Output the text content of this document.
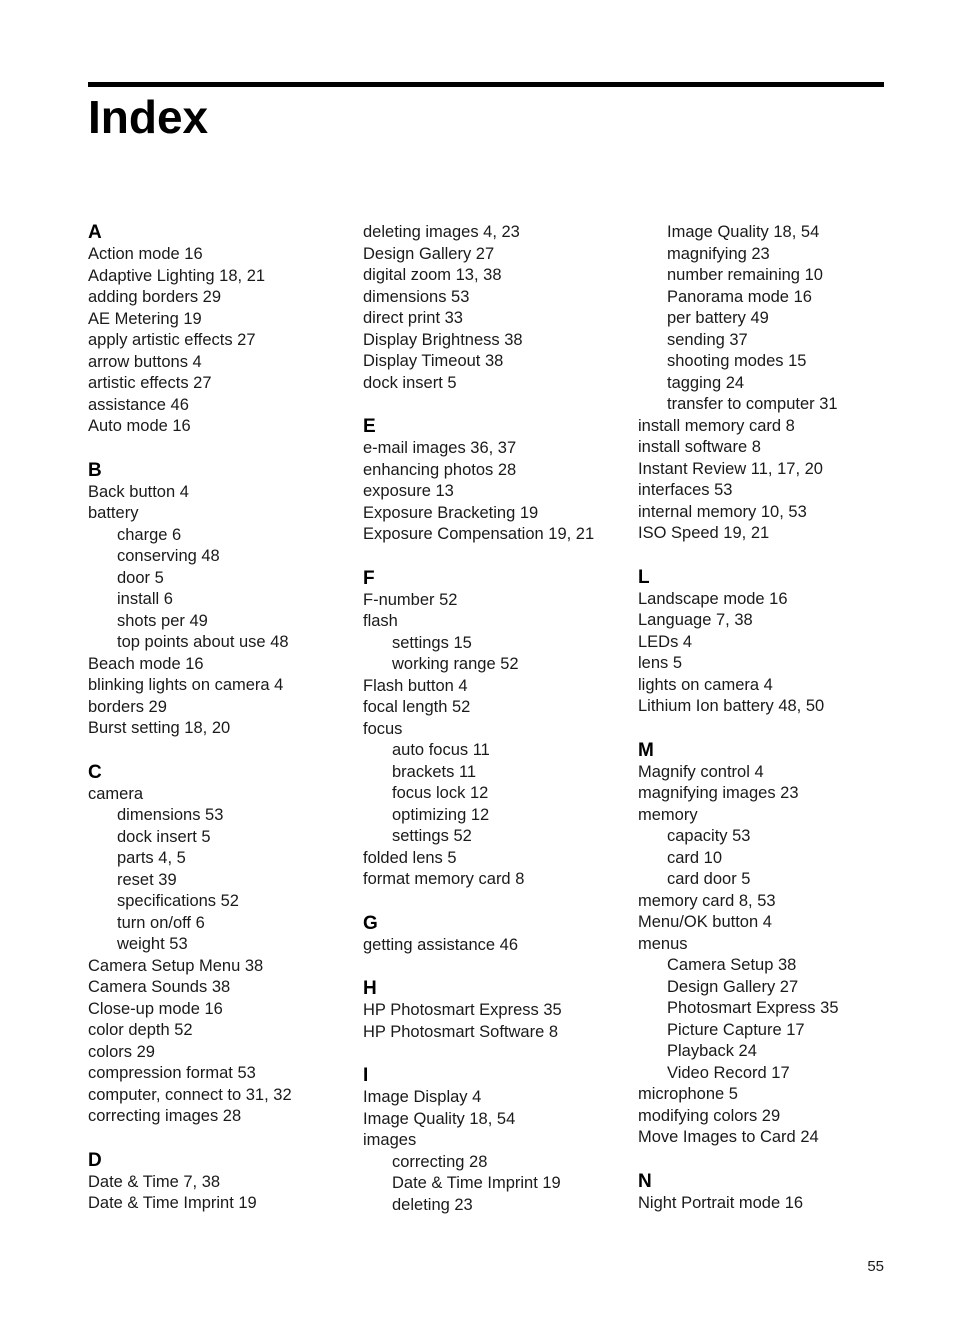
Index
A
Action mode 16
Adaptive Lighting 18, 21
adding borders 29
AE Metering 19
apply artistic effects 27
arrow buttons 4
artistic effects 27
assistance 46
Auto mode 16
B
Back button 4
battery
charge 6
conserving 48
door 5
install 6
shots per 49
top points about use 48
Beach mode 16
blinking lights on camera 4
borders 29
Burst setting 18, 20
C
camera
dimensions 53
dock insert 5
parts 4, 5
reset 39
specifications 52
turn on/off 6
weight 53
Camera Setup Menu 38
Camera Sounds 38
Close-up mode 16
color depth 52
colors 29
compression format 53
computer, connect to 31, 32
correcting images 28
D
Date & Time 7, 38
Date & Time Imprint 19
deleting images 4, 23
Design Gallery 27
digital zoom 13, 38
dimensions 53
direct print 33
Display Brightness 38
Display Timeout 38
dock insert 5
E
e-mail images 36, 37
enhancing photos 28
exposure 13
Exposure Bracketing 19
Exposure Compensation 19, 21
F
F-number 52
flash
settings 15
working range 52
Flash button 4
focal length 52
focus
auto focus 11
brackets 11
focus lock 12
optimizing 12
settings 52
folded lens 5
format memory card 8
G
getting assistance 46
H
HP Photosmart Express 35
HP Photosmart Software 8
I
Image Display 4
Image Quality 18, 54
images
correcting 28
Date & Time Imprint 19
deleting 23
Image Quality 18, 54
magnifying 23
number remaining 10
Panorama mode 16
per battery 49
sending 37
shooting modes 15
tagging 24
transfer to computer 31
install memory card 8
install software 8
Instant Review 11, 17, 20
interfaces 53
internal memory 10, 53
ISO Speed 19, 21
L
Landscape mode 16
Language 7, 38
LEDs 4
lens 5
lights on camera 4
Lithium Ion battery 48, 50
M
Magnify control 4
magnifying images 23
memory
capacity 53
card 10
card door 5
memory card 8, 53
Menu/OK button 4
menus
Camera Setup 38
Design Gallery 27
Photosmart Express 35
Picture Capture 17
Playback 24
Video Record 17
microphone 5
modifying colors 29
Move Images to Card 24
N
Night Portrait mode 16
55
